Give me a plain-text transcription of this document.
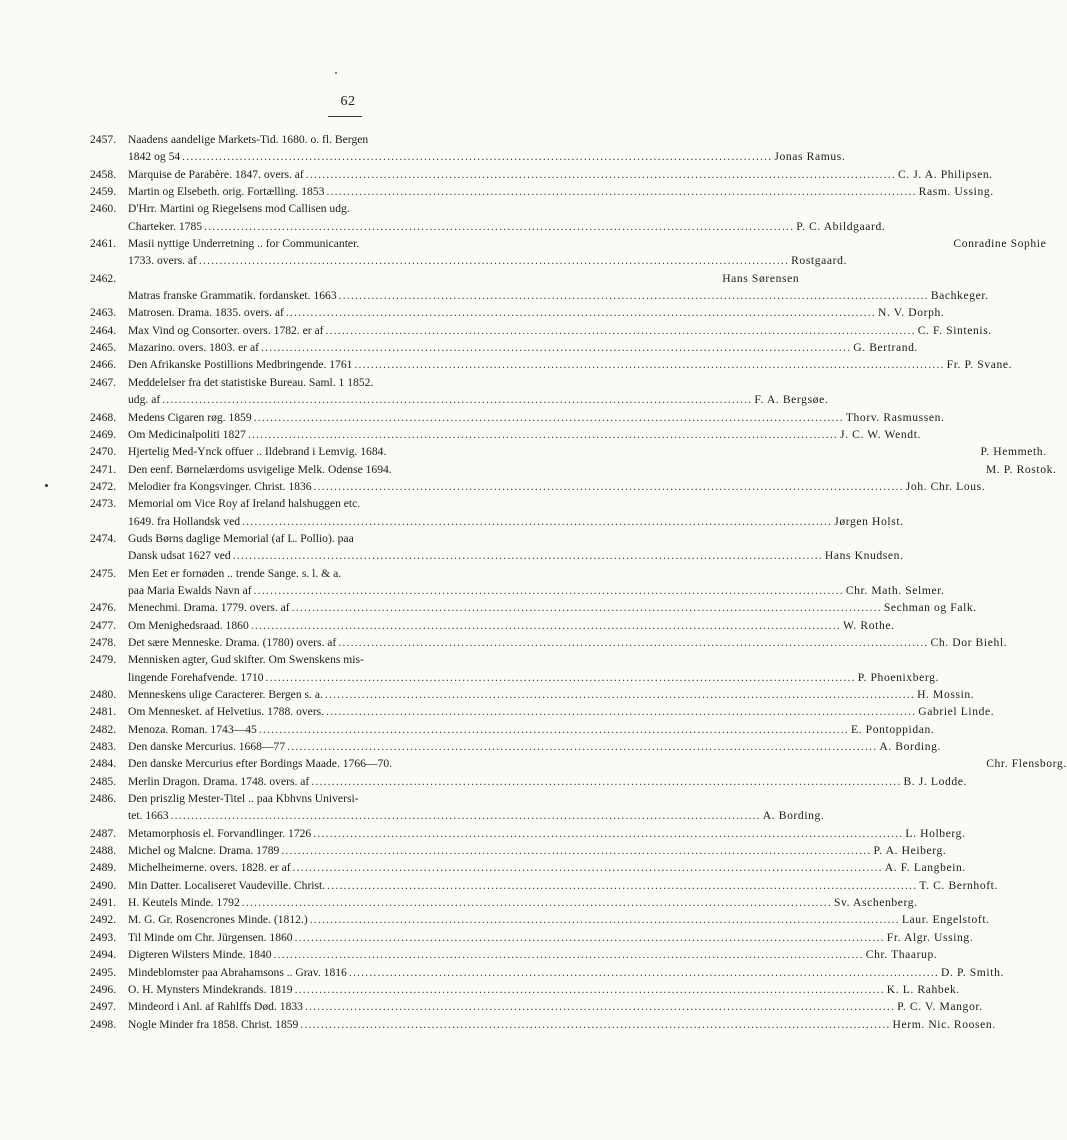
62
2457.	Naadens aandelige Markets-Tid. 1680. o. fl. Bergen
1842 og 54 .....	Jonas Ramus.
2458.	Marquise de Parabère. 1847. overs. af .....	C. J. A. Philipsen.
2459.	Martin og Elsebeth. orig. Fortælling. 1853 .....	Rasm. Ussing.
2460.	D'Hrr. Martini og Riegelsens mod Callisen udg.
Charteker. 1785 .....	P. C. Abildgaard.
2461.	Masii nyttige Underretning .. for Communicanter.	Conradine Sophie
1733. overs. af .....	Rostgaard.
2462.	Hans Sørensen
Matras franske Grammatik. fordansket. 1663 .....	Bachkeger.
2463.	Matrosen. Drama. 1835. overs. af .....	N. V. Dorph.
2464.	Max Vind og Consorter. overs. 1782. er af .....	C. F. Sintenis.
2465.	Mazarino. overs. 1803. er af .....	G. Bertrand.
2466.	Den Afrikanske Postillions Medbringende. 1761 .....	Fr. P. Svane.
2467.	Meddelelser fra det statistiske Bureau. Saml. 1 1852.
udg. af .....	F. A. Bergsøe.
2468.	Medens Cigaren røg. 1859 .....	Thorv. Rasmussen.
2469.	Om Medicinalpoliti 1827 .....	J. C. W. Wendt.
2470.	Hjertelig Med-Ynck offuer .. Ildebrand i Lemvig. 1684.	P. Hemmeth.
2471.	Den eenf. Børnelærdoms usvigelige Melk. Odense 1694.	M. P. Rostok.
2472.	Melodier fra Kongsvinger. Christ. 1836 .....	Joh. Chr. Lous.
2473.	Memorial om Vice Roy af Ireland halshuggen etc.
1649. fra Hollandsk ved .....	Jørgen Holst.
2474.	Guds Børns daglige Memorial (af L. Pollio). paa
Dansk udsat 1627 ved .....	Hans Knudsen.
2475.	Men Eet er fornøden .. trende Sange. s. l. & a.
paa Maria Ewalds Navn af .....	Chr. Math. Selmer.
2476.	Menechmi. Drama. 1779. overs. af .....	Sechman og Falk.
2477.	Om Menighedsraad. 1860 .....	W. Rothe.
2478.	Det sære Menneske. Drama. (1780) overs. af .....	Ch. Dor Biehl.
2479.	Mennisken agter, Gud skifter. Om Swenskens mis-
lingende Forehafvende. 1710 .....	P. Phoenixberg.
2480.	Menneskens ulige Caracterer. Bergen s. a. .....	H. Mossin.
2481.	Om Mennesket. af Helvetius. 1788. overs. .....	Gabriel Linde.
2482.	Menoza. Roman. 1743—45 .....	E. Pontoppidan.
2483.	Den danske Mercurius. 1668—77 .....	A. Bording.
2484.	Den danske Mercurius efter Bordings Maade. 1766—70.	Chr. Flensborg.
2485.	Merlin Dragon. Drama. 1748. overs. af .....	B. J. Lodde.
2486.	Den priszlig Mester-Titel .. paa Kbhvns Universi-
tet. 1663 .....	A. Bording.
2487.	Metamorphosis el. Forvandlinger. 1726 .....	L. Holberg.
2488.	Michel og Malcne. Drama. 1789 .....	P. A. Heiberg.
2489.	Michelheimerne. overs. 1828. er af .....	A. F. Langbein.
2490.	Min Datter. Localiseret Vaudeville. Christ. .....	T. C. Bernhoft.
2491.	H. Keutels Minde. 1792 .....	Sv. Aschenberg.
2492.	M. G. Gr. Rosencrones Minde. (1812.) .....	Laur. Engelstoft.
2493.	Til Minde om Chr. Jürgensen. 1860 .....	Fr. Algr. Ussing.
2494.	Digteren Wilsters Minde. 1840 .....	Chr. Thaarup.
2495.	Mindeblomster paa Abrahamsons .. Grav. 1816 .....	D. P. Smith.
2496.	O. H. Mynsters Mindekrands. 1819 .....	K. L. Rahbek.
2497.	Mindeord i Anl. af Rahlffs Død. 1833 .....	P. C. V. Mangor.
2498.	Nogle Minder fra 1858. Christ. 1859 .....	Herm. Nic. Roosen.
